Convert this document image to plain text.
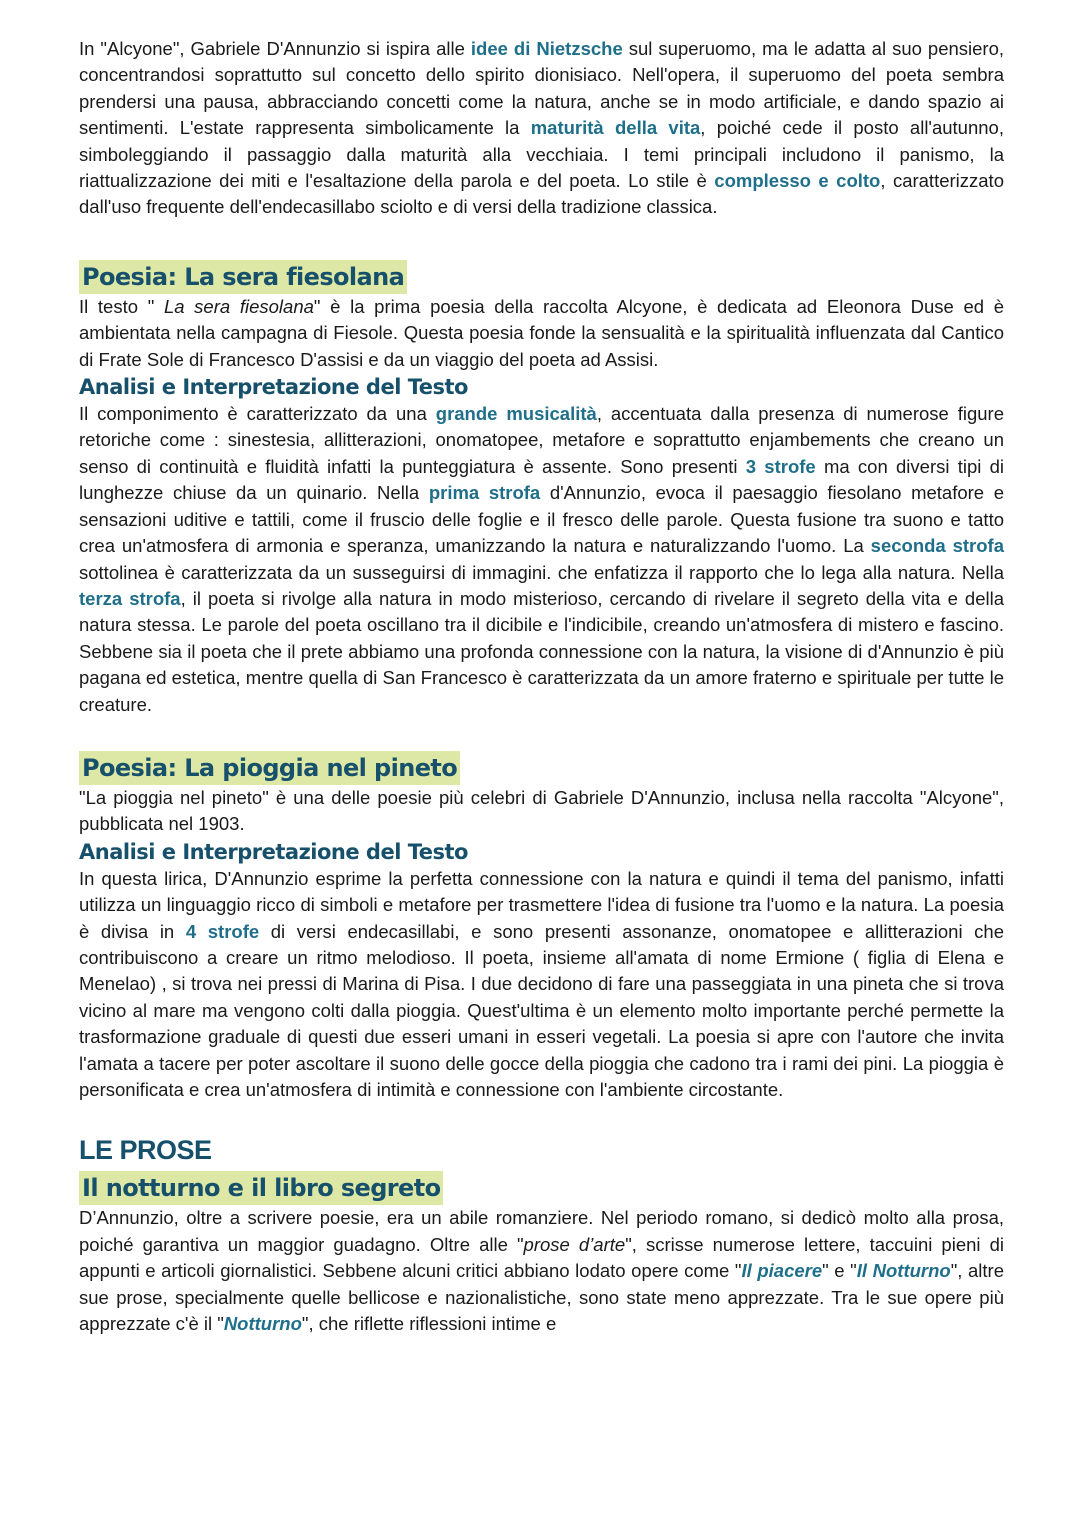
In "Alcyone", Gabriele D'Annunzio si ispira alle idee di Nietzsche sul superuomo, ma le adatta al suo pensiero, concentrandosi soprattutto sul concetto dello spirito dionisiaco. Nell'opera, il superuomo del poeta sembra prendersi una pausa, abbracciando concetti come la natura, anche se in modo artificiale, e dando spazio ai sentimenti. L'estate rappresenta simbolicamente la maturità della vita, poiché cede il posto all'autunno, simboleggiando il passaggio dalla maturità alla vecchiaia. I temi principali includono il panismo, la riattualizzazione dei miti e l'esaltazione della parola e del poeta. Lo stile è complesso e colto, caratterizzato dall'uso frequente dell'endecasillabo sciolto e di versi della tradizione classica.

Poesia: La sera fiesolana

Il testo " La sera fiesolana" è la prima poesia della raccolta Alcyone, è dedicata ad Eleonora Duse ed è ambientata nella campagna di Fiesole. Questa poesia fonde la sensualità e la spiritualità influenzata dal Cantico di Frate Sole di Francesco D'assisi e da un viaggio del poeta ad Assisi.

Analisi e Interpretazione del Testo

Il componimento è caratterizzato da una grande musicalità, accentuata dalla presenza di numerose figure retoriche come : sinestesia, allitterazioni, onomatopee, metafore e soprattutto enjambements che creano un senso di continuità e fluidità infatti la punteggiatura è assente. Sono presenti 3 strofe ma con diversi tipi di lunghezze chiuse da un quinario. Nella prima strofa d'Annunzio, evoca il paesaggio fiesolano metafore e sensazioni uditive e tattili, come il fruscio delle foglie e il fresco delle parole. Questa fusione tra suono e tatto crea un'atmosfera di armonia e speranza, umanizzando la natura e naturalizzando l'uomo. La seconda strofa sottolinea è caratterizzata da un susseguirsi di immagini. che enfatizza il rapporto che lo lega alla natura. Nella terza strofa, il poeta si rivolge alla natura in modo misterioso, cercando di rivelare il segreto della vita e della natura stessa. Le parole del poeta oscillano tra il dicibile e l'indicibile, creando un'atmosfera di mistero e fascino. Sebbene sia il poeta che il prete abbiamo una profonda connessione con la natura, la visione di d'Annunzio è più pagana ed estetica, mentre quella di San Francesco è caratterizzata da un amore fraterno e spirituale per tutte le creature.

Poesia: La pioggia nel pineto

"La pioggia nel pineto" è una delle poesie più celebri di Gabriele D'Annunzio, inclusa nella raccolta "Alcyone", pubblicata nel 1903.

Analisi e Interpretazione del Testo

In questa lirica, D'Annunzio esprime la perfetta connessione con la natura e quindi il tema del panismo, infatti utilizza un linguaggio ricco di simboli e metafore per trasmettere l'idea di fusione tra l'uomo e la natura. La poesia è divisa in 4 strofe di versi endecasillabi, e sono presenti assonanze, onomatopee e allitterazioni che contribuiscono a creare un ritmo melodioso. Il poeta, insieme all'amata di nome Ermione ( figlia di Elena e Menelao) , si trova nei pressi di Marina di Pisa. I due decidono di fare una passeggiata in una pineta che si trova vicino al mare ma vengono colti dalla pioggia. Quest'ultima è un elemento molto importante perché permette la trasformazione graduale di questi due esseri umani in esseri vegetali. La poesia si apre con l'autore che invita l'amata a tacere per poter ascoltare il suono delle gocce della pioggia che cadono tra i rami dei pini. La pioggia è personificata e crea un'atmosfera di intimità e connessione con l'ambiente circostante.

LE PROSE
Il notturno e il libro segreto

D’Annunzio, oltre a scrivere poesie, era un abile romanziere. Nel periodo romano, si dedicò molto alla prosa, poiché garantiva un maggior guadagno. Oltre alle "prose d’arte", scrisse numerose lettere, taccuini pieni di appunti e articoli giornalistici. Sebbene alcuni critici abbiano lodato opere come "Il piacere" e "Il Notturno", altre sue prose, specialmente quelle bellicose e nazionalistiche, sono state meno apprezzate. Tra le sue opere più apprezzate c'è il "Notturno", che riflette riflessioni intime e
